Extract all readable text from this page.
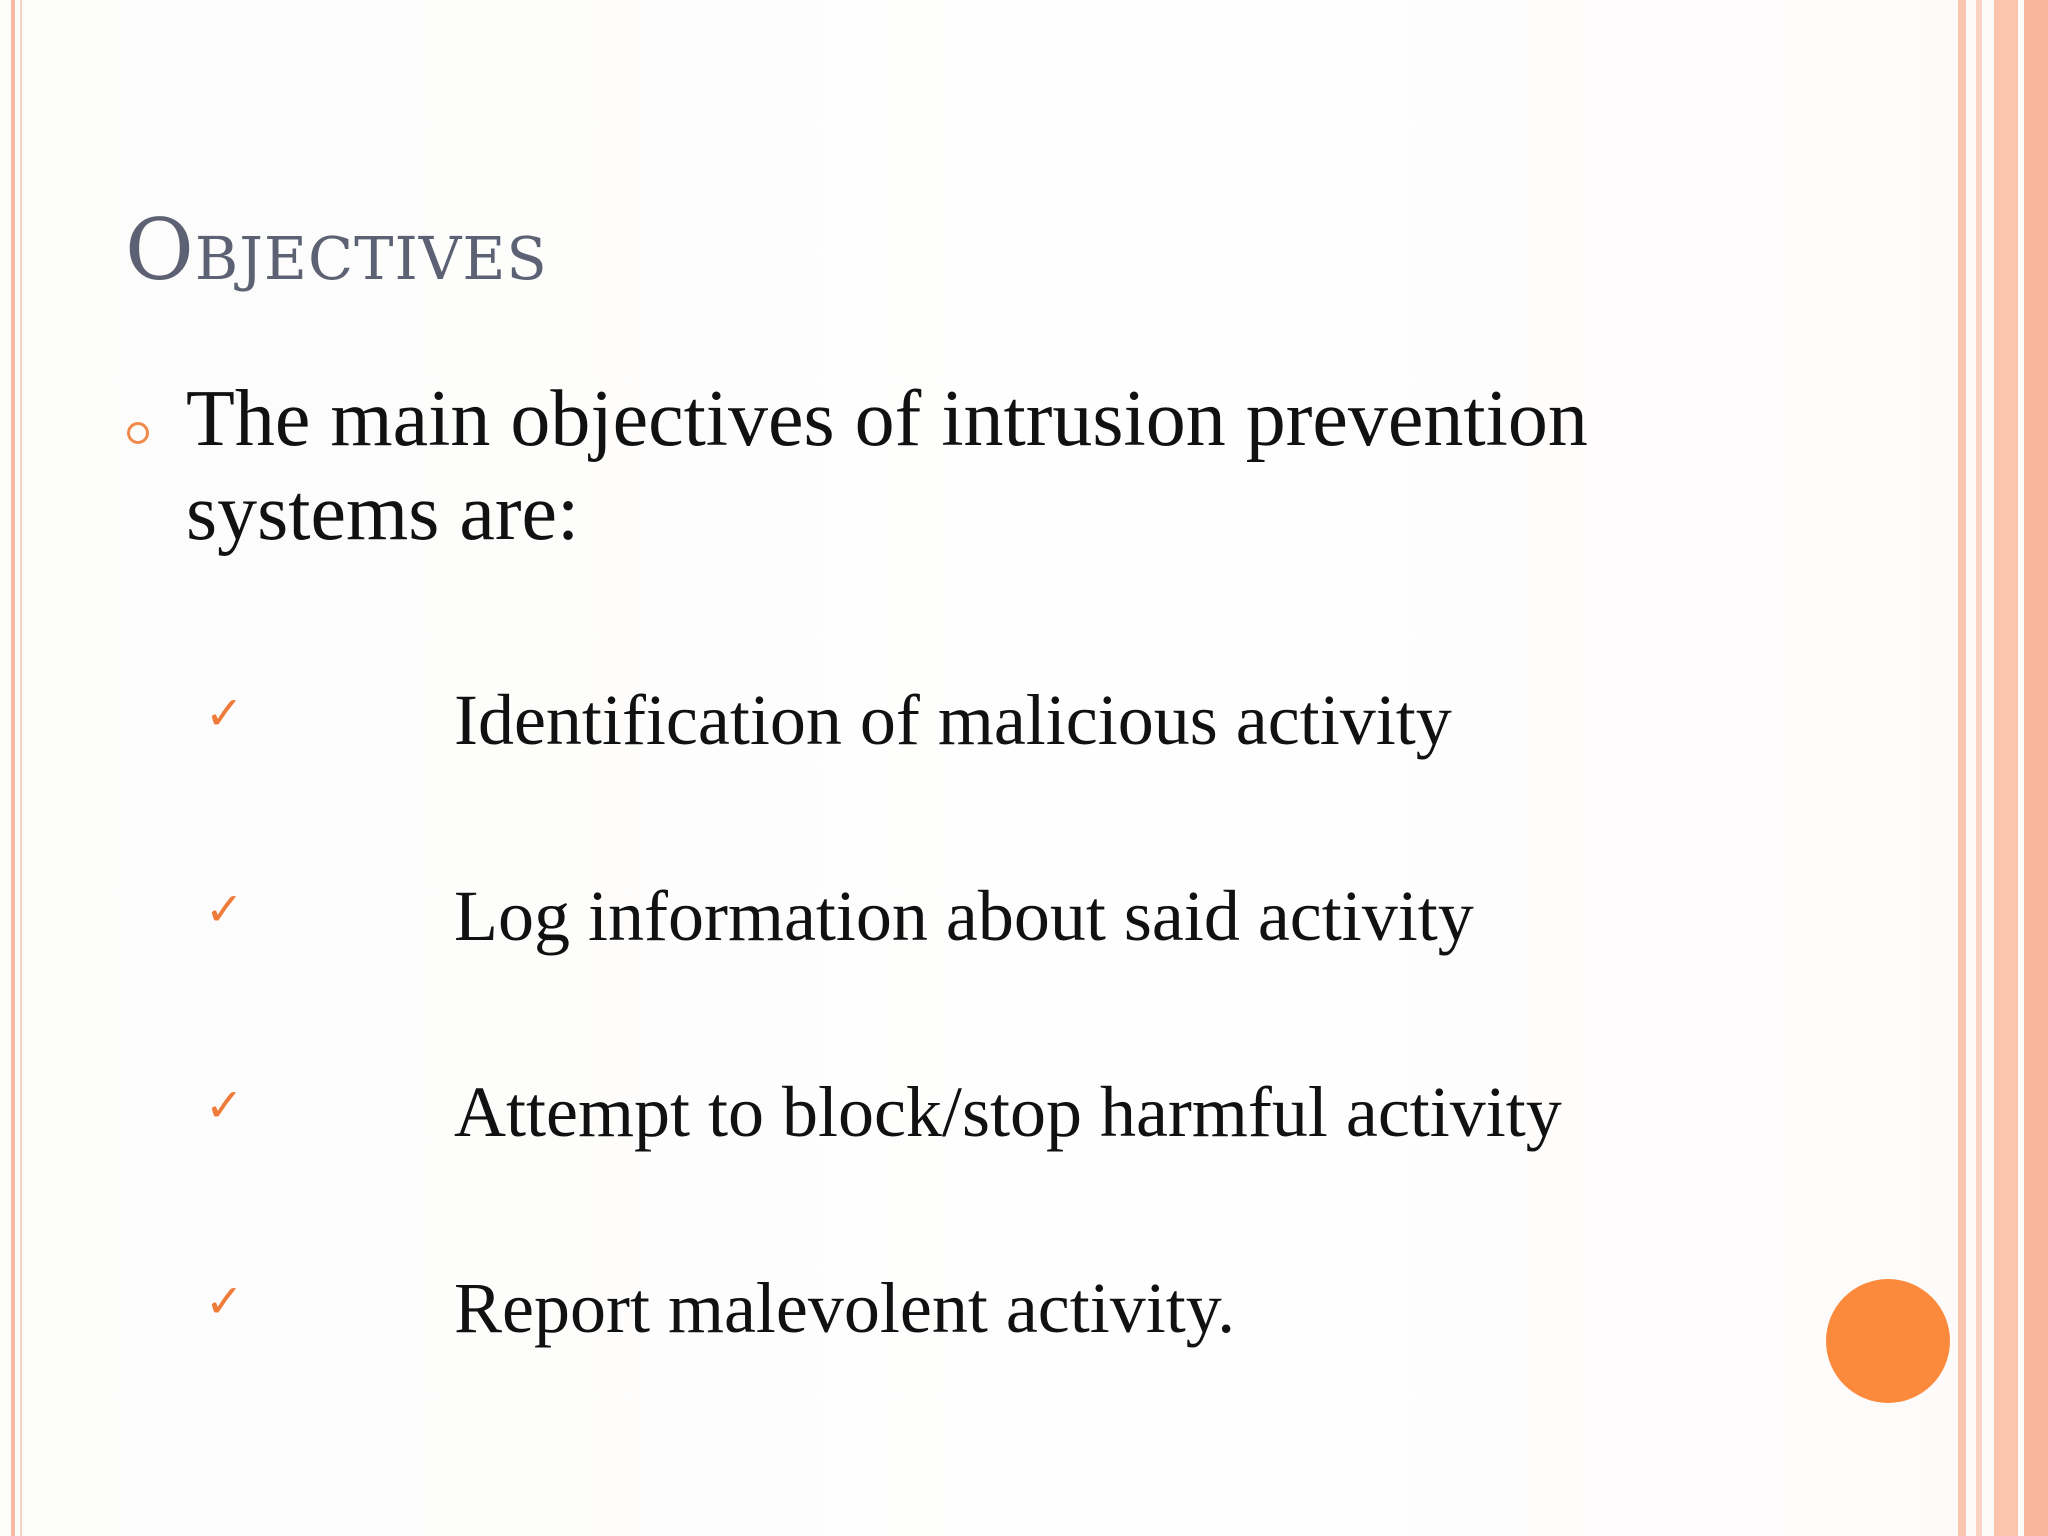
Objectives
The main objectives of intrusion prevention systems are:
✓	Identification of malicious activity
✓	Log information about said activity
✓	Attempt to block/stop harmful activity
✓	Report malevolent activity.
